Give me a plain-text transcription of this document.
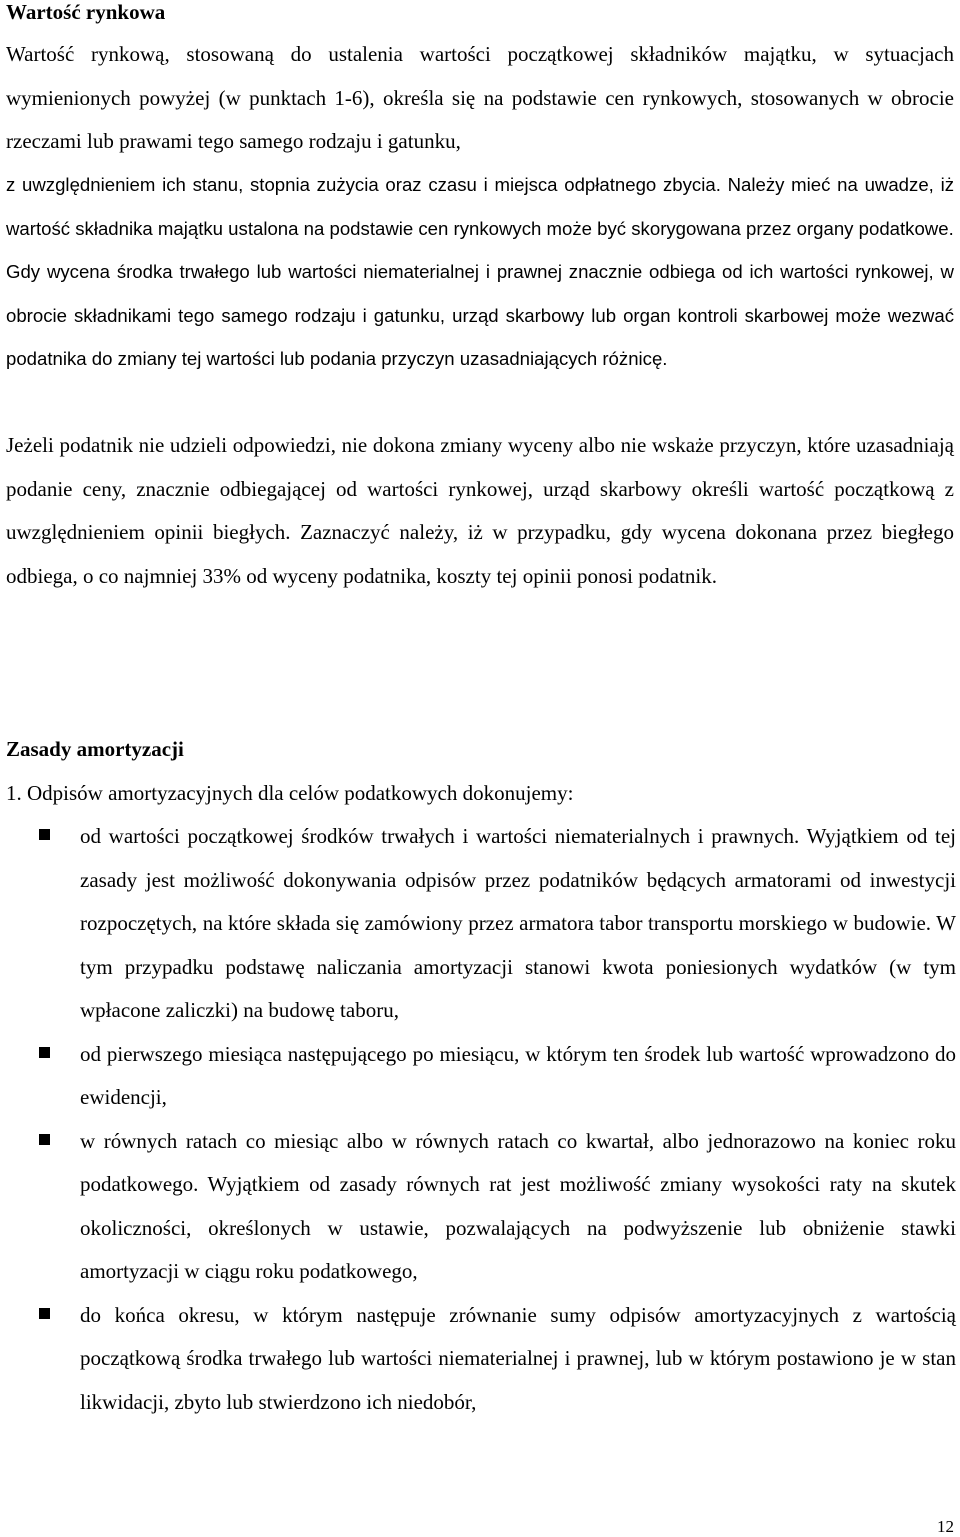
Wartość rynkowa

Wartość rynkową, stosowaną do ustalenia wartości początkowej składników majątku, w sytuacjach wymienionych powyżej (w punktach 1-6), określa się na podstawie cen rynkowych, stosowanych w obrocie rzeczami lub prawami tego samego rodzaju i gatunku,

z uwzględnieniem ich stanu, stopnia zużycia oraz czasu i miejsca odpłatnego zbycia. Należy mieć na uwadze, iż wartość składnika majątku ustalona na podstawie cen rynkowych może być skorygowana przez organy podatkowe.

Gdy wycena środka trwałego lub wartości niematerialnej i prawnej znacznie odbiega od ich wartości rynkowej, w obrocie składnikami tego samego rodzaju i gatunku, urząd skarbowy lub organ kontroli skarbowej może wezwać podatnika do zmiany tej wartości lub podania przyczyn uzasadniających różnicę.

Jeżeli podatnik nie udzieli odpowiedzi, nie dokona zmiany wyceny albo nie wskaże przyczyn, które uzasadniają podanie ceny, znacznie odbiegającej od wartości rynkowej, urząd skarbowy określi wartość początkową z uwzględnieniem opinii biegłych. Zaznaczyć należy, iż w przypadku, gdy wycena dokonana przez biegłego odbiega, o co najmniej 33% od wyceny podatnika, koszty tej opinii ponosi podatnik.

Zasady amortyzacji

1. Odpisów amortyzacyjnych dla celów podatkowych dokonujemy:

od wartości początkowej środków trwałych i wartości niematerialnych i prawnych. Wyjątkiem od tej zasady jest możliwość dokonywania odpisów przez podatników będących armatorami od inwestycji rozpoczętych, na które składa się zamówiony przez armatora tabor transportu morskiego w budowie. W tym przypadku podstawę naliczania amortyzacji stanowi kwota poniesionych wydatków (w tym wpłacone zaliczki) na budowę taboru,
od pierwszego miesiąca następującego po miesiącu, w którym ten środek lub wartość wprowadzono do ewidencji,
w równych ratach co miesiąc albo w równych ratach co kwartał, albo jednorazowo na koniec roku podatkowego. Wyjątkiem od zasady równych rat jest możliwość zmiany wysokości raty na skutek okoliczności, określonych w ustawie, pozwalających na podwyższenie lub obniżenie stawki amortyzacji w ciągu roku podatkowego,
do końca okresu, w którym następuje zrównanie sumy odpisów amortyzacyjnych z wartością początkową środka trwałego lub wartości niematerialnej i prawnej, lub w którym postawiono je w stan likwidacji, zbyto lub stwierdzono ich niedobór,
12
